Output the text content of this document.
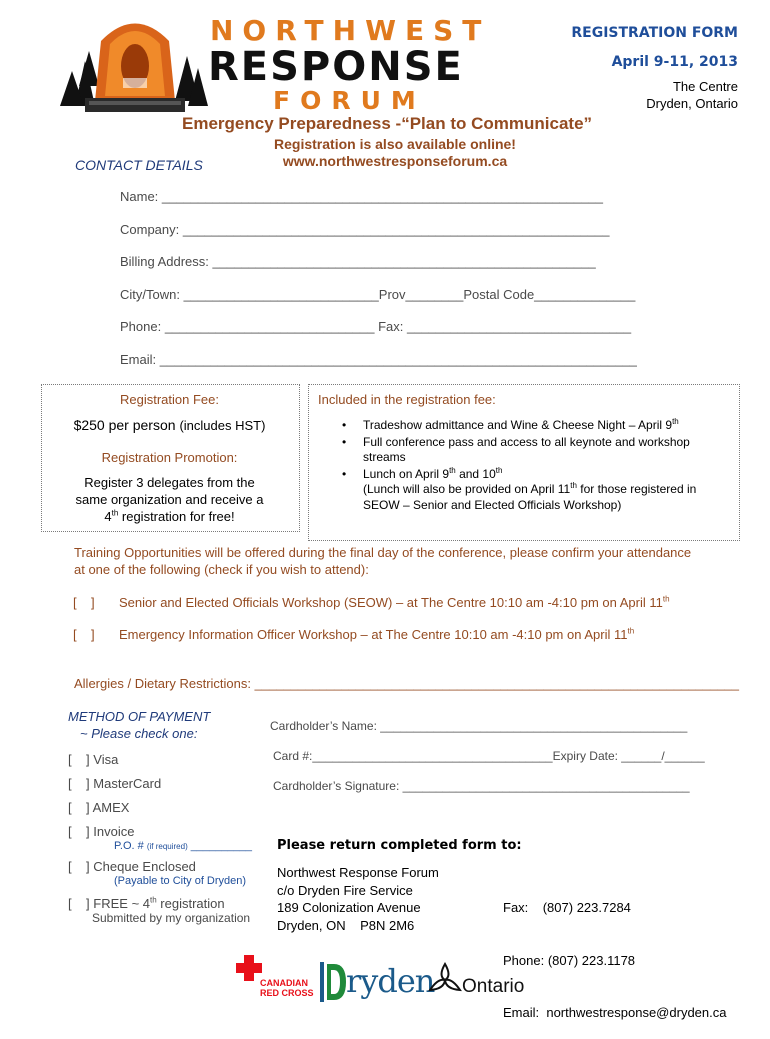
NORTHWEST
RESPONSE
FORUM
REGISTRATION FORM
April 9-11, 2013
The Centre
Dryden, Ontario
Emergency Preparedness -“Plan to Communicate”
Registration is also available online!
www.northwestresponseforum.ca
CONTACT DETAILS
Name: _____________________________________________________________
Company: ___________________________________________________________
Billing Address: _____________________________________________________
City/Town: ___________________________Prov________Postal Code______________
Phone: _____________________________ Fax: _______________________________
Email: __________________________________________________________________
Registration Fee:
$250 per person (includes HST)
Registration Promotion:
Register 3 delegates from the
same organization and receive a
4th registration for free!
Included in the registration fee:
• Tradeshow admittance and Wine & Cheese Night – April 9th
• Full conference pass and access to all keynote and workshop streams
• Lunch on April 9th and 10th
(Lunch will also be provided on April 11th for those registered in SEOW – Senior and Elected Officials Workshop)
Training Opportunities will be offered during the final day of the conference, please confirm your attendance
at one of the following (check if you wish to attend):
[    ] Senior and Elected Officials Workshop (SEOW) – at The Centre 10:10 am -4:10 pm on April 11th
[    ] Emergency Information Officer Workshop – at The Centre 10:10 am -4:10 pm on April 11th
Allergies / Dietary Restrictions: ___________________________________________________________________
METHOD OF PAYMENT
~ Please check one:
[    ] Visa
[    ] MasterCard
[    ] AMEX
[    ] Invoice
P.O. # (if required) __________
[    ] Cheque Enclosed
(Payable to City of Dryden)
[    ] FREE ~ 4th registration
Submitted by my organization
Cardholder’s Name: ______________________________________________
Card #:____________________________________Expiry Date: ______/______
Cardholder’s Signature: ___________________________________________
Please return completed form to:
Northwest Response Forum
c/o Dryden Fire Service
189 Colonization Avenue
Dryden, ON    P8N 2M6

Fax:    (807) 223.7284

Phone: (807) 223.1178

Email:  northwestresponse@dryden.ca

CANADIAN
RED CROSS ryden Ontario
